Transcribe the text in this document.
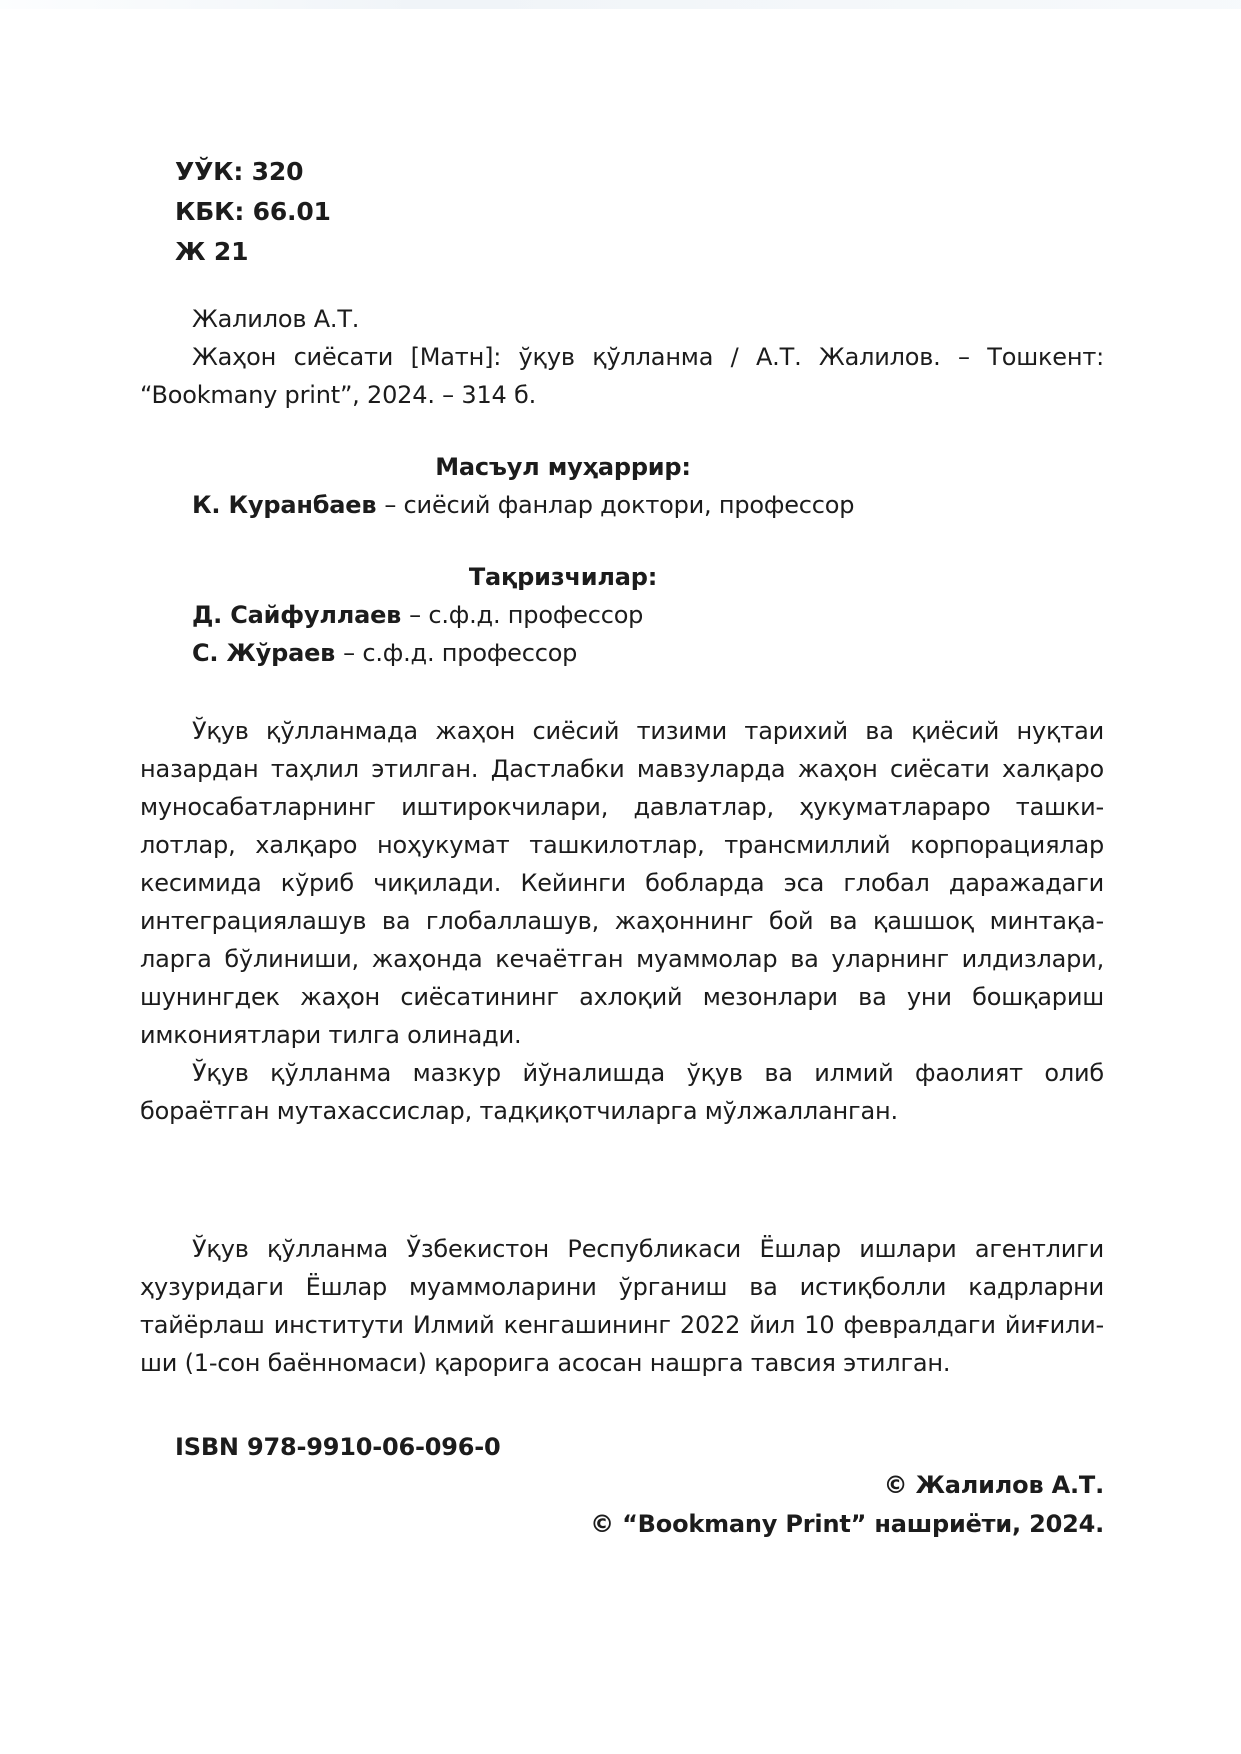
УЎК: 320
КБК: 66.01
Ж 21
Жалилов А.Т.
Жаҳон сиёсати [Матн]: ўқув қўлланма / А.Т. Жалилов. – Тошкент:
“Bookmany print”, 2024. – 314 б.
Масъул муҳаррир:
К. Куранбаев – сиёсий фанлар доктори, профессор
Тақризчилар:
Д. Сайфуллаев – с.ф.д. профессор
С. Жўраев – с.ф.д. профессор
Ўқув қўлланмада жаҳон сиёсий тизими тарихий ва қиёсий нуқтаи
назардан таҳлил этилган. Дастлабки мавзуларда жаҳон сиёсати халқаро
муносабатларнинг иштирокчилари, давлатлар, ҳукуматлараро ташки-
лотлар, халқаро ноҳукумат ташкилотлар, трансмиллий корпорациялар
кесимида кўриб чиқилади. Кейинги бобларда эса глобал даражадаги
интеграциялашув ва глобаллашув, жаҳоннинг бой ва қашшоқ минтақа-
ларга бўлиниши, жаҳонда кечаётган муаммолар ва уларнинг илдизлари,
шунингдек жаҳон сиёсатининг ахлоқий мезонлари ва уни бошқариш
имкониятлари тилга олинади.
Ўқув қўлланма мазкур йўналишда ўқув ва илмий фаолият олиб
бораётган мутахассислар, тадқиқотчиларга мўлжалланган.
Ўқув қўлланма Ўзбекистон Республикаси Ёшлар ишлари агентлиги
ҳузуридаги Ёшлар муаммоларини ўрганиш ва истиқболли кадрларни
тайёрлаш институти Илмий кенгашининг 2022 йил 10 февралдаги йиғили-
ши (1-сон баённомаси) қарорига асосан нашрга тавсия этилган.
ISBN 978-9910-06-096-0
© Жалилов А.Т.
© “Bookmany Print” нашриёти, 2024.
